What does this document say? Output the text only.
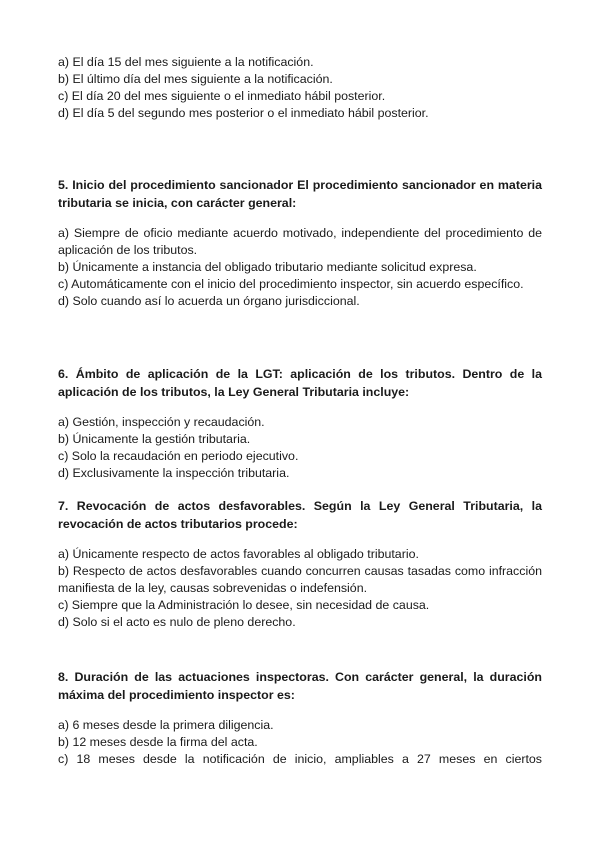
a) El día 15 del mes siguiente a la notificación.

b) El último día del mes siguiente a la notificación.

c) El día 20 del mes siguiente o el inmediato hábil posterior.

d) El día 5 del segundo mes posterior o el inmediato hábil posterior.

5. Inicio del procedimiento sancionador El procedimiento sancionador en materia tributaria se inicia, con carácter general:

a) Siempre de oficio mediante acuerdo motivado, independiente del procedimiento de aplicación de los tributos.

b) Únicamente a instancia del obligado tributario mediante solicitud expresa.

c) Automáticamente con el inicio del procedimiento inspector, sin acuerdo específico.

d) Solo cuando así lo acuerda un órgano jurisdiccional.

6. Ámbito de aplicación de la LGT: aplicación de los tributos. Dentro de la aplicación de los tributos, la Ley General Tributaria incluye:

a) Gestión, inspección y recaudación.

b) Únicamente la gestión tributaria.

c) Solo la recaudación en periodo ejecutivo.

d) Exclusivamente la inspección tributaria.

7. Revocación de actos desfavorables. Según la Ley General Tributaria, la revocación de actos tributarios procede:

a) Únicamente respecto de actos favorables al obligado tributario.

b) Respecto de actos desfavorables cuando concurren causas tasadas como infracción manifiesta de la ley, causas sobrevenidas o indefensión.

c) Siempre que la Administración lo desee, sin necesidad de causa.

d) Solo si el acto es nulo de pleno derecho.

8. Duración de las actuaciones inspectoras. Con carácter general, la duración máxima del procedimiento inspector es:

a) 6 meses desde la primera diligencia.

b) 12 meses desde la firma del acta.

c) 18 meses desde la notificación de inicio, ampliables a 27 meses en ciertos
